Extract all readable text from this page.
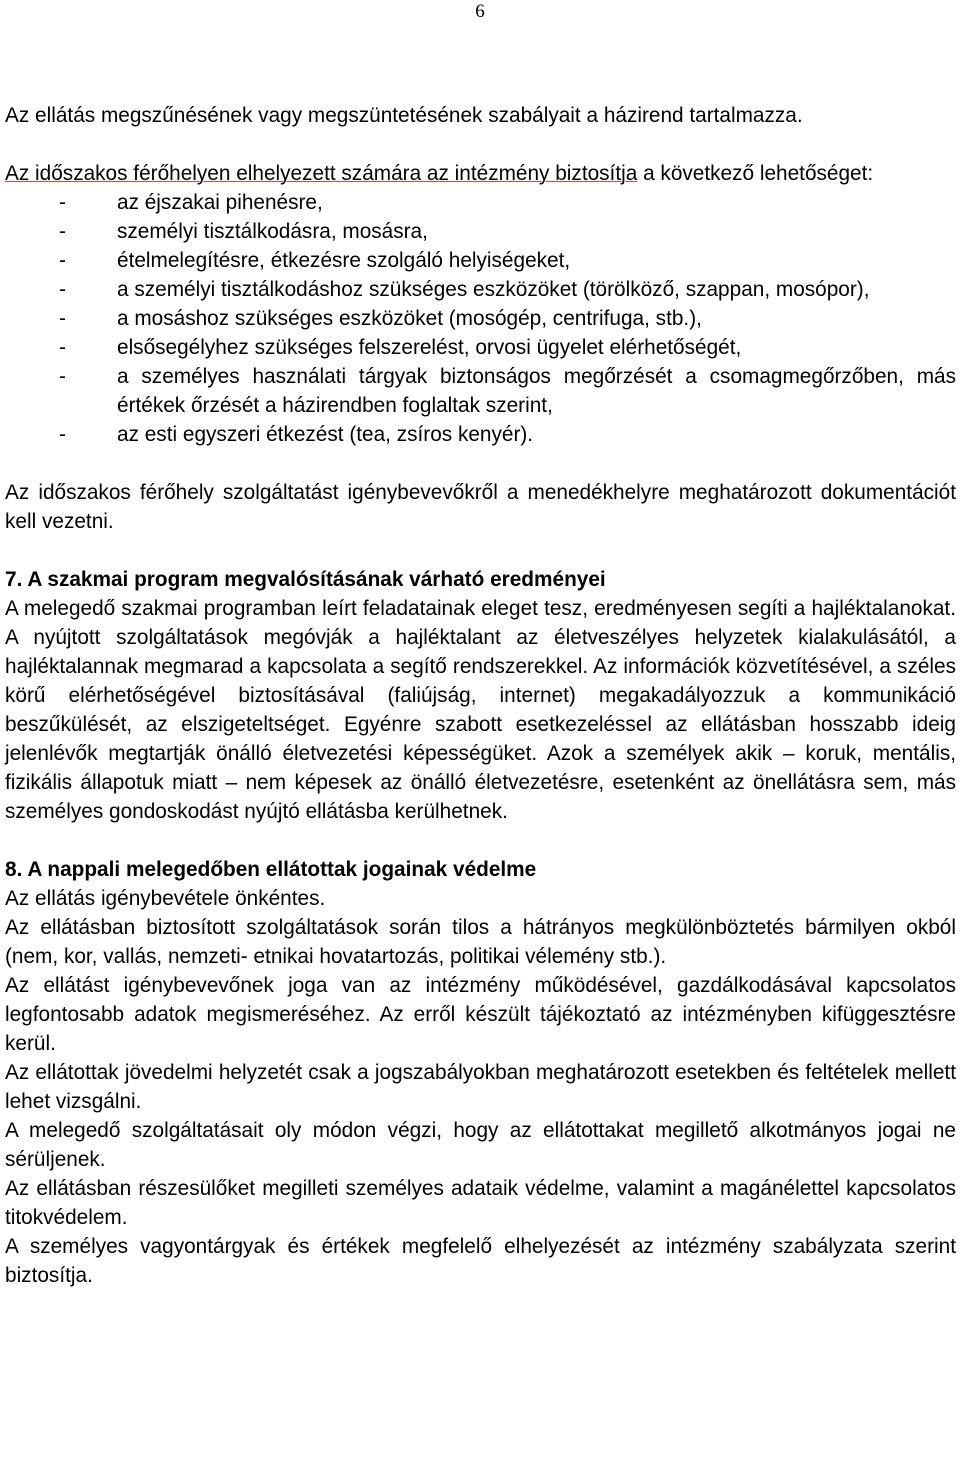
6

Az ellátás megszűnésének vagy megszüntetésének szabályait a házirend tartalmazza.

Az időszakos férőhelyen elhelyezett számára az intézmény biztosítja a következő lehetőséget:

- az éjszakai pihenésre,
- személyi tisztálkodásra, mosásra,
- ételmelegítésre, étkezésre szolgáló helyiségeket,
- a személyi tisztálkodáshoz szükséges eszközöket (törölköző, szappan, mosópor),
- a mosáshoz szükséges eszközöket (mosógép, centrifuga, stb.),
- elsősegélyhez szükséges felszerelést, orvosi ügyelet elérhetőségét,
- a személyes használati tárgyak biztonságos megőrzését a csomagmegőrzőben, más értékek őrzését a házirendben foglaltak szerint,
- az esti egyszeri étkezést (tea, zsíros kenyér).

Az időszakos férőhely szolgáltatást igénybevevőkről a menedékhelyre meghatározott dokumentációt kell vezetni.

7. A szakmai program megvalósításának várható eredményei

A melegedő szakmai programban leírt feladatainak eleget tesz, eredményesen segíti a hajléktalanokat. A nyújtott szolgáltatások megóvják a hajléktalant az életveszélyes helyzetek kialakulásától, a hajléktalannak megmarad a kapcsolata a segítő rendszerekkel. Az információk közvetítésével, a széles körű elérhetőségével biztosításával (faliújság, internet) megakadályozzuk a kommunikáció beszűkülését, az elszigeteltséget. Egyénre szabott esetkezeléssel az ellátásban hosszabb ideig jelenlévők megtartják önálló életvezetési képességüket. Azok a személyek akik – koruk, mentális, fizikális állapotuk miatt – nem képesek az önálló életvezetésre, esetenként az önellátásra sem, más személyes gondoskodást nyújtó ellátásba kerülhetnek.

8. A nappali melegedőben ellátottak jogainak védelme

Az ellátás igénybevétele önkéntes.

Az ellátásban biztosított szolgáltatások során tilos a hátrányos megkülönböztetés bármilyen okból (nem, kor, vallás, nemzeti- etnikai hovatartozás, politikai vélemény stb.).

Az ellátást igénybevevőnek joga van az intézmény működésével, gazdálkodásával kapcsolatos legfontosabb adatok megismeréséhez. Az erről készült tájékoztató az intézményben kifüggesztésre kerül.

Az ellátottak jövedelmi helyzetét csak a jogszabályokban meghatározott esetekben és feltételek mellett lehet vizsgálni.

A melegedő szolgáltatásait oly módon végzi, hogy az ellátottakat megillető alkotmányos jogai ne sérüljenek.

Az ellátásban részesülőket megilleti személyes adataik védelme, valamint a magánélettel kapcsolatos titokvédelem.

A személyes vagyontárgyak és értékek megfelelő elhelyezését az intézmény szabályzata szerint biztosítja.
